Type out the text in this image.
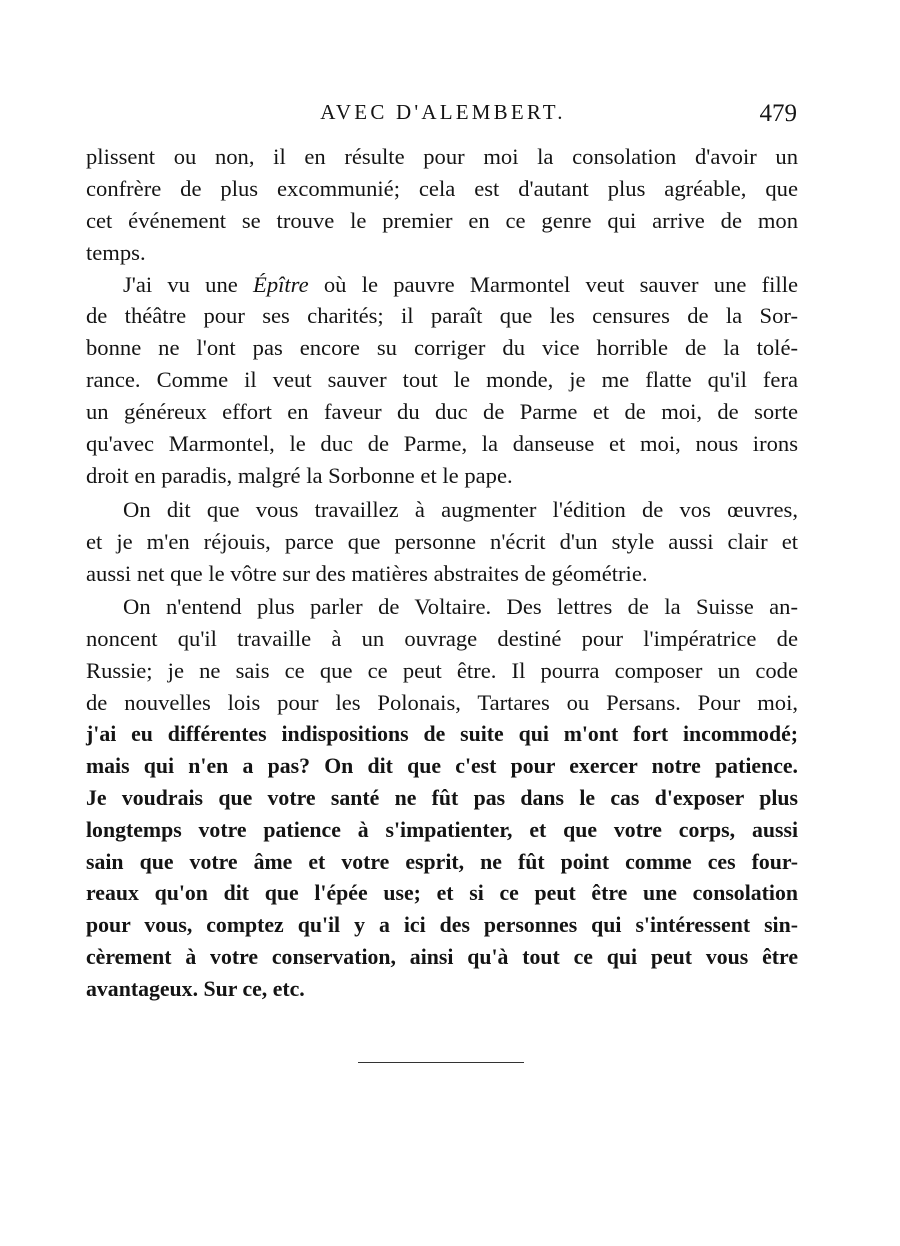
AVEC D'ALEMBERT.	479
plissent ou non, il en résulte pour moi la consolation d'avoir un
confrère de plus excommunié; cela est d'autant plus agréable, que
cet événement se trouve le premier en ce genre qui arrive de mon
temps.
J'ai vu une Épître où le pauvre Marmontel veut sauver une fille
de théâtre pour ses charités; il paraît que les censures de la Sor-
bonne ne l'ont pas encore su corriger du vice horrible de la tolé-
rance. Comme il veut sauver tout le monde, je me flatte qu'il fera
un généreux effort en faveur du duc de Parme et de moi, de sorte
qu'avec Marmontel, le duc de Parme, la danseuse et moi, nous irons
droit en paradis, malgré la Sorbonne et le pape.
On dit que vous travaillez à augmenter l'édition de vos œuvres,
et je m'en réjouis, parce que personne n'écrit d'un style aussi clair et
aussi net que le vôtre sur des matières abstraites de géométrie.
On n'entend plus parler de Voltaire. Des lettres de la Suisse an-
noncent qu'il travaille à un ouvrage destiné pour l'impératrice de
Russie; je ne sais ce que ce peut être. Il pourra composer un code
de nouvelles lois pour les Polonais, Tartares ou Persans. Pour moi,
j'ai eu différentes indispositions de suite qui m'ont fort incommodé;
mais qui n'en a pas? On dit que c'est pour exercer notre patience.
Je voudrais que votre santé ne fût pas dans le cas d'exposer plus
longtemps votre patience à s'impatienter, et que votre corps, aussi
sain que votre âme et votre esprit, ne fût point comme ces four-
reaux qu'on dit que l'épée use; et si ce peut être une consolation
pour vous, comptez qu'il y a ici des personnes qui s'intéressent sin-
cèrement à votre conservation, ainsi qu'à tout ce qui peut vous être
avantageux. Sur ce, etc.
